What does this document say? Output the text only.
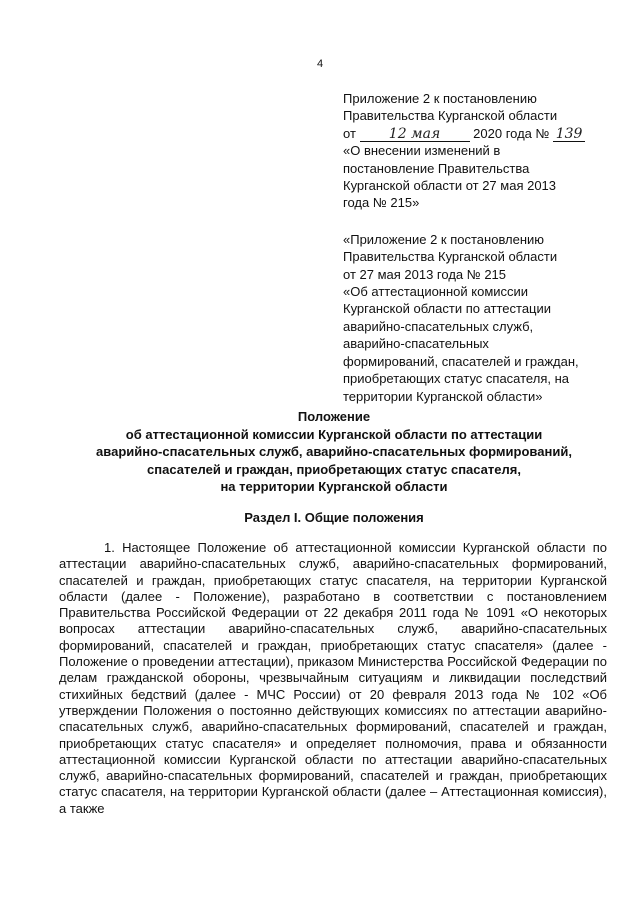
4

Приложение 2 к постановлению

Правительства Курганской области

от 12 мая	2020 года № 139

«О внесении изменений в

постановление Правительства

Курганской области от 27 мая 2013

года № 215»

«Приложение 2 к постановлению

Правительства Курганской области

от 27 мая 2013 года № 215

«Об аттестационной комиссии

Курганской области по аттестации

аварийно-спасательных служб,

аварийно-спасательных

формирований, спасателей и граждан,

приобретающих статус спасателя, на

территории Курганской области»

Положение

об аттестационной комиссии Курганской области по аттестации

аварийно-спасательных служб, аварийно-спасательных формирований,

спасателей и граждан, приобретающих статус спасателя,

на территории Курганской области

Раздел I. Общие положения

1. Настоящее Положение об аттестационной комиссии Курганской области по аттестации аварийно-спасательных служб, аварийно-спасательных формирований, спасателей и граждан, приобретающих статус спасателя, на территории Курганской области (далее - Положение), разработано в соответствии с постановлением Правительства Российской Федерации от 22 декабря 2011 года № 1091 «О некоторых вопросах аттестации аварийно-спасательных служб, аварийно-спасательных формирований, спасателей и граждан, приобретающих статус спасателя» (далее - Положение о проведении аттестации), приказом Министерства Российской Федерации по делам гражданской обороны, чрезвычайным ситуациям и ликвидации последствий стихийных бедствий (далее - МЧС России) от 20 февраля 2013 года № 102 «Об утверждении Положения о постоянно действующих комиссиях по аттестации аварийно-спасательных служб, аварийно-спасательных формирований, спасателей и граждан, приобретающих статус спасателя» и определяет полномочия, права и обязанности аттестационной комиссии Курганской области по аттестации аварийно-спасательных служб, аварийно-спасательных формирований, спасателей и граждан, приобретающих статус спасателя, на территории Курганской области (далее – Аттестационная комиссия), а также
